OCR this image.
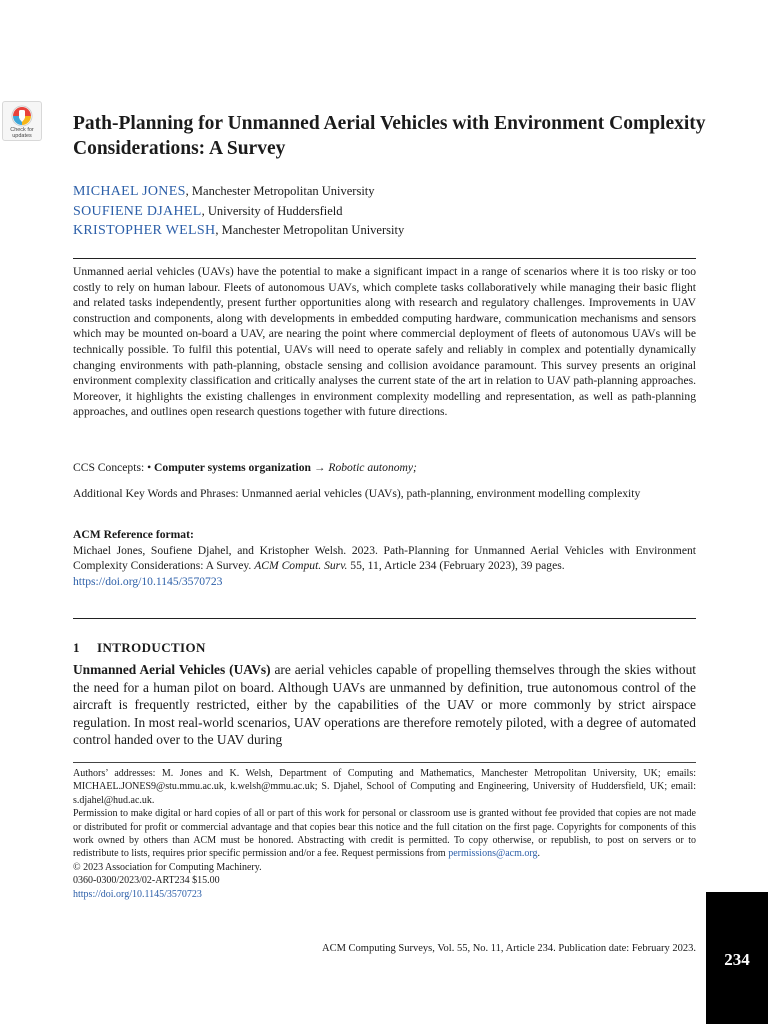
Check for updates
Path-Planning for Unmanned Aerial Vehicles with Environment Complexity Considerations: A Survey
MICHAEL JONES, Manchester Metropolitan University
SOUFIENE DJAHEL, University of Huddersfield
KRISTOPHER WELSH, Manchester Metropolitan University
Unmanned aerial vehicles (UAVs) have the potential to make a significant impact in a range of scenarios where it is too risky or too costly to rely on human labour. Fleets of autonomous UAVs, which complete tasks collaboratively while managing their basic flight and related tasks independently, present further opportunities along with research and regulatory challenges. Improvements in UAV construction and components, along with developments in embedded computing hardware, communication mechanisms and sensors which may be mounted on-board a UAV, are nearing the point where commercial deployment of fleets of autonomous UAVs will be technically possible. To fulfil this potential, UAVs will need to operate safely and reliably in complex and potentially dynamically changing environments with path-planning, obstacle sensing and collision avoidance paramount. This survey presents an original environment complexity classification and critically analyses the current state of the art in relation to UAV path-planning approaches. Moreover, it highlights the existing challenges in environment complexity modelling and representation, as well as path-planning approaches, and outlines open research questions together with future directions.
CCS Concepts: • Computer systems organization → Robotic autonomy;
Additional Key Words and Phrases: Unmanned aerial vehicles (UAVs), path-planning, environment modelling complexity
ACM Reference format:
Michael Jones, Soufiene Djahel, and Kristopher Welsh. 2023. Path-Planning for Unmanned Aerial Vehicles with Environment Complexity Considerations: A Survey. ACM Comput. Surv. 55, 11, Article 234 (February 2023), 39 pages.
https://doi.org/10.1145/3570723
1 INTRODUCTION
Unmanned Aerial Vehicles (UAVs) are aerial vehicles capable of propelling themselves through the skies without the need for a human pilot on board. Although UAVs are unmanned by definition, true autonomous control of the aircraft is frequently restricted, either by the capabilities of the UAV or more commonly by strict airspace regulation. In most real-world scenarios, UAV operations are therefore remotely piloted, with a degree of automated control handed over to the UAV during
Authors’ addresses: M. Jones and K. Welsh, Department of Computing and Mathematics, Manchester Metropolitan University, UK; emails: MICHAEL.JONES9@stu.mmu.ac.uk, k.welsh@mmu.ac.uk; S. Djahel, School of Computing and Engineering, University of Huddersfield, UK; email: s.djahel@hud.ac.uk.
Permission to make digital or hard copies of all or part of this work for personal or classroom use is granted without fee provided that copies are not made or distributed for profit or commercial advantage and that copies bear this notice and the full citation on the first page. Copyrights for components of this work owned by others than ACM must be honored. Abstracting with credit is permitted. To copy otherwise, or republish, to post on servers or to redistribute to lists, requires prior specific permission and/or a fee. Request permissions from permissions@acm.org.
© 2023 Association for Computing Machinery.
0360-0300/2023/02-ART234 $15.00
https://doi.org/10.1145/3570723
ACM Computing Surveys, Vol. 55, No. 11, Article 234. Publication date: February 2023.
234
